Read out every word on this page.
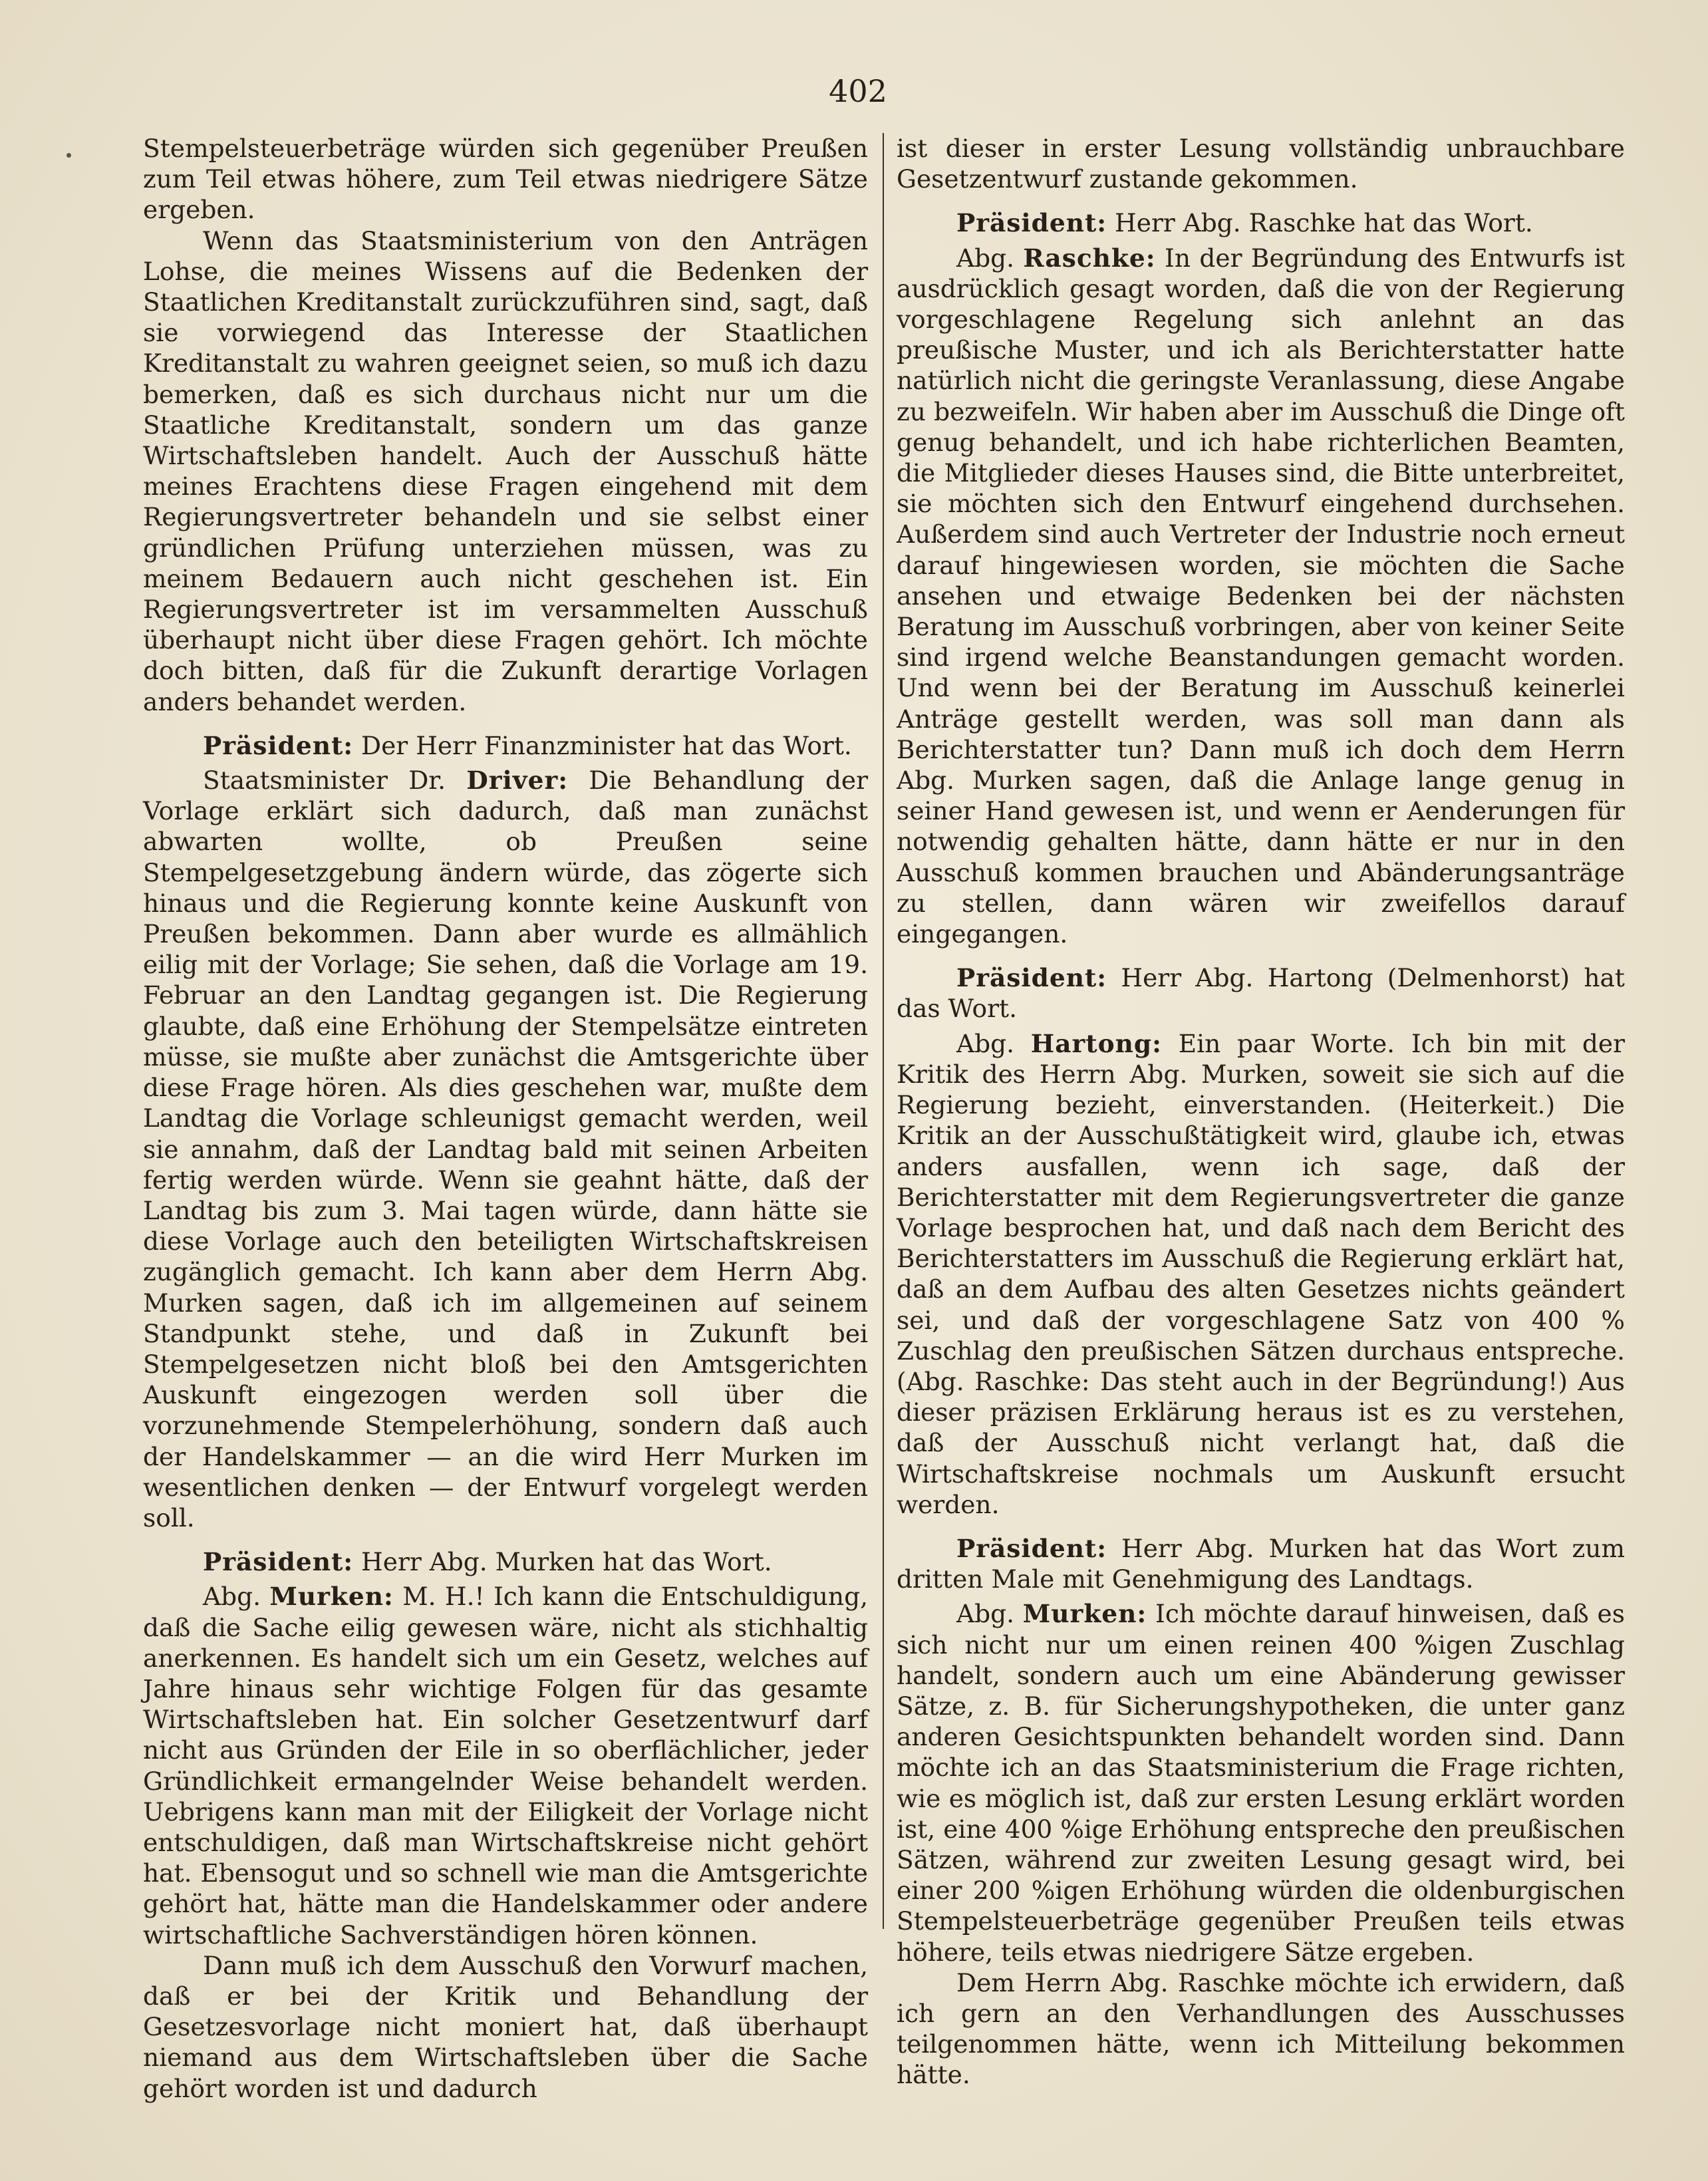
402

Stempelsteuerbeträge würden sich gegenüber Preußen zum Teil etwas höhere, zum Teil etwas niedrigere Sätze ergeben.

Wenn das Staatsministerium von den Anträgen Lohse, die meines Wissens auf die Bedenken der Staatlichen Kreditanstalt zurückzuführen sind, sagt, daß sie vorwiegend das Interesse der Staatlichen Kreditanstalt zu wahren geeignet seien, so muß ich dazu bemerken, daß es sich durchaus nicht nur um die Staatliche Kreditanstalt, sondern um das ganze Wirtschaftsleben handelt. Auch der Ausschuß hätte meines Erachtens diese Fragen eingehend mit dem Regierungsvertreter behandeln und sie selbst einer gründlichen Prüfung unterziehen müssen, was zu meinem Bedauern auch nicht geschehen ist. Ein Regierungsvertreter ist im versammelten Ausschuß überhaupt nicht über diese Fragen gehört. Ich möchte doch bitten, daß für die Zukunft derartige Vorlagen anders behandet werden.

Präsident: Der Herr Finanzminister hat das Wort.

Staatsminister Dr. Driver: Die Behandlung der Vorlage erklärt sich dadurch, daß man zunächst abwarten wollte, ob Preußen seine Stempelgesetzgebung ändern würde, das zögerte sich hinaus und die Regierung konnte keine Auskunft von Preußen bekommen. Dann aber wurde es allmählich eilig mit der Vorlage; Sie sehen, daß die Vorlage am 19. Februar an den Landtag gegangen ist. Die Regierung glaubte, daß eine Erhöhung der Stempelsätze eintreten müsse, sie mußte aber zunächst die Amtsgerichte über diese Frage hören. Als dies geschehen war, mußte dem Landtag die Vorlage schleunigst gemacht werden, weil sie annahm, daß der Landtag bald mit seinen Arbeiten fertig werden würde. Wenn sie geahnt hätte, daß der Landtag bis zum 3. Mai tagen würde, dann hätte sie diese Vorlage auch den beteiligten Wirtschaftskreisen zugänglich gemacht. Ich kann aber dem Herrn Abg. Murken sagen, daß ich im allgemeinen auf seinem Standpunkt stehe, und daß in Zukunft bei Stempelgesetzen nicht bloß bei den Amtsgerichten Auskunft eingezogen werden soll über die vorzunehmende Stempelerhöhung, sondern daß auch der Handelskammer — an die wird Herr Murken im wesentlichen denken — der Entwurf vorgelegt werden soll.

Präsident: Herr Abg. Murken hat das Wort.

Abg. Murken: M. H.! Ich kann die Entschuldigung, daß die Sache eilig gewesen wäre, nicht als stichhaltig anerkennen. Es handelt sich um ein Gesetz, welches auf Jahre hinaus sehr wichtige Folgen für das gesamte Wirtschaftsleben hat. Ein solcher Gesetzentwurf darf nicht aus Gründen der Eile in so oberflächlicher, jeder Gründlichkeit ermangelnder Weise behandelt werden. Uebrigens kann man mit der Eiligkeit der Vorlage nicht entschuldigen, daß man Wirtschaftskreise nicht gehört hat. Ebensogut und so schnell wie man die Amtsgerichte gehört hat, hätte man die Handelskammer oder andere wirtschaftliche Sachverständigen hören können.

Dann muß ich dem Ausschuß den Vorwurf machen, daß er bei der Kritik und Behandlung der Gesetzesvorlage nicht moniert hat, daß überhaupt niemand aus dem Wirtschaftsleben über die Sache gehört worden ist und dadurch

ist dieser in erster Lesung vollständig unbrauchbare Gesetzentwurf zustande gekommen.

Präsident: Herr Abg. Raschke hat das Wort.

Abg. Raschke: In der Begründung des Entwurfs ist ausdrücklich gesagt worden, daß die von der Regierung vorgeschlagene Regelung sich anlehnt an das preußische Muster, und ich als Berichterstatter hatte natürlich nicht die geringste Veranlassung, diese Angabe zu bezweifeln. Wir haben aber im Ausschuß die Dinge oft genug behandelt, und ich habe richterlichen Beamten, die Mitglieder dieses Hauses sind, die Bitte unterbreitet, sie möchten sich den Entwurf eingehend durchsehen. Außerdem sind auch Vertreter der Industrie noch erneut darauf hingewiesen worden, sie möchten die Sache ansehen und etwaige Bedenken bei der nächsten Beratung im Ausschuß vorbringen, aber von keiner Seite sind irgend welche Beanstandungen gemacht worden. Und wenn bei der Beratung im Ausschuß keinerlei Anträge gestellt werden, was soll man dann als Berichterstatter tun? Dann muß ich doch dem Herrn Abg. Murken sagen, daß die Anlage lange genug in seiner Hand gewesen ist, und wenn er Aenderungen für notwendig gehalten hätte, dann hätte er nur in den Ausschuß kommen brauchen und Abänderungsanträge zu stellen, dann wären wir zweifellos darauf eingegangen.

Präsident: Herr Abg. Hartong (Delmenhorst) hat das Wort.

Abg. Hartong: Ein paar Worte. Ich bin mit der Kritik des Herrn Abg. Murken, soweit sie sich auf die Regierung bezieht, einverstanden. (Heiterkeit.) Die Kritik an der Ausschußtätigkeit wird, glaube ich, etwas anders ausfallen, wenn ich sage, daß der Berichterstatter mit dem Regierungsvertreter die ganze Vorlage besprochen hat, und daß nach dem Bericht des Berichterstatters im Ausschuß die Regierung erklärt hat, daß an dem Aufbau des alten Gesetzes nichts geändert sei, und daß der vorgeschlagene Satz von 400 % Zuschlag den preußischen Sätzen durchaus entspreche. (Abg. Raschke: Das steht auch in der Begründung!) Aus dieser präzisen Erklärung heraus ist es zu verstehen, daß der Ausschuß nicht verlangt hat, daß die Wirtschaftskreise nochmals um Auskunft ersucht werden.

Präsident: Herr Abg. Murken hat das Wort zum dritten Male mit Genehmigung des Landtags.

Abg. Murken: Ich möchte darauf hinweisen, daß es sich nicht nur um einen reinen 400 %igen Zuschlag handelt, sondern auch um eine Abänderung gewisser Sätze, z. B. für Sicherungshypotheken, die unter ganz anderen Gesichtspunkten behandelt worden sind. Dann möchte ich an das Staatsministerium die Frage richten, wie es möglich ist, daß zur ersten Lesung erklärt worden ist, eine 400 %ige Erhöhung entspreche den preußischen Sätzen, während zur zweiten Lesung gesagt wird, bei einer 200 %igen Erhöhung würden die oldenburgischen Stempelsteuerbeträge gegenüber Preußen teils etwas höhere, teils etwas niedrigere Sätze ergeben.

Dem Herrn Abg. Raschke möchte ich erwidern, daß ich gern an den Verhandlungen des Ausschusses teilgenommen hätte, wenn ich Mitteilung bekommen hätte.
